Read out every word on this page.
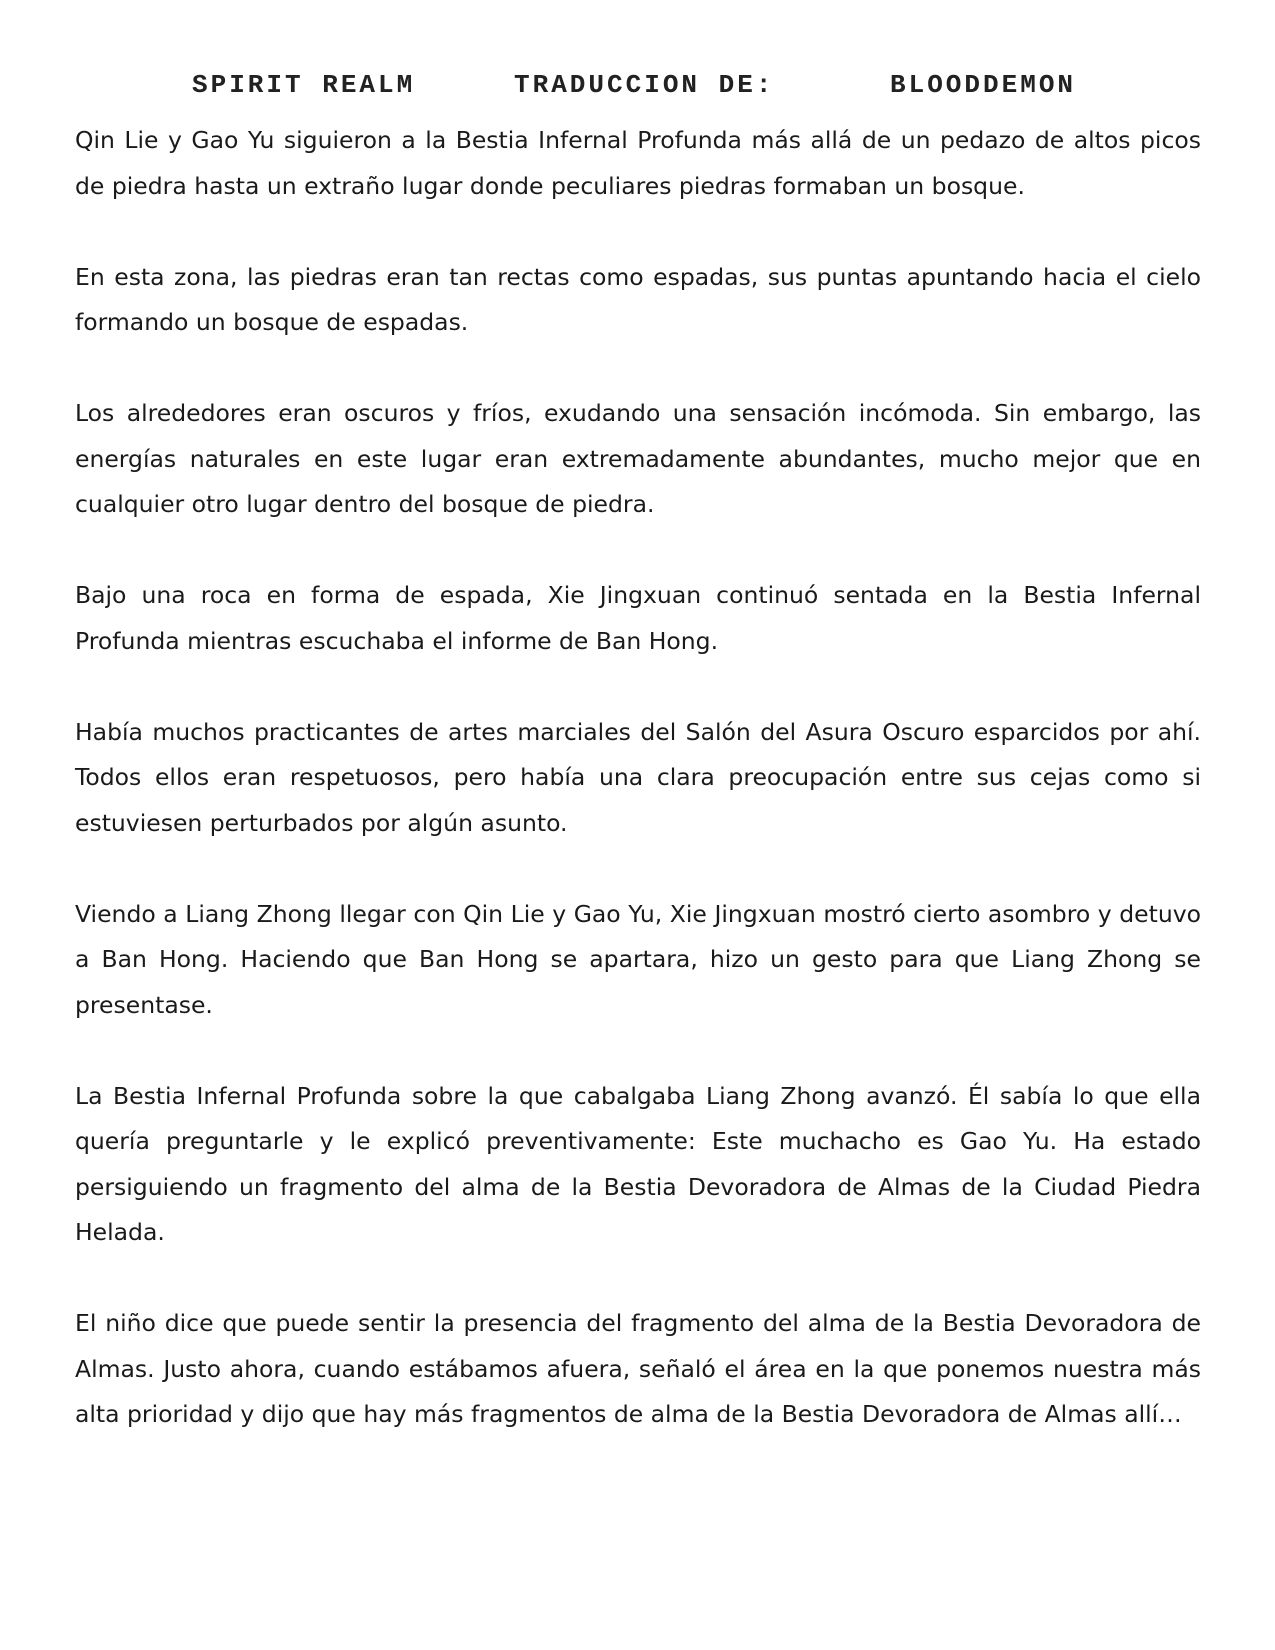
SPIRIT REALM	TRADUCCION DE:	BLOODDEMON

Qin Lie y Gao Yu siguieron a la Bestia Infernal Profunda más allá de un pedazo de altos picos de piedra hasta un extraño lugar donde peculiares piedras formaban un bosque.

En esta zona, las piedras eran tan rectas como espadas, sus puntas apuntando hacia el cielo formando un bosque de espadas.

Los alrededores eran oscuros y fríos, exudando una sensación incómoda. Sin embargo, las energías naturales en este lugar eran extremadamente abundantes, mucho mejor que en cualquier otro lugar dentro del bosque de piedra.

Bajo una roca en forma de espada, Xie Jingxuan continuó sentada en la Bestia Infernal Profunda mientras escuchaba el informe de Ban Hong.

Había muchos practicantes de artes marciales del Salón del Asura Oscuro esparcidos por ahí. Todos ellos eran respetuosos, pero había una clara preocupación entre sus cejas como si estuviesen perturbados por algún asunto.

Viendo a Liang Zhong llegar con Qin Lie y Gao Yu, Xie Jingxuan mostró cierto asombro y detuvo a Ban Hong. Haciendo que Ban Hong se apartara, hizo un gesto para que Liang Zhong se presentase.

La Bestia Infernal Profunda sobre la que cabalgaba Liang Zhong avanzó. Él sabía lo que ella quería preguntarle y le explicó preventivamente: Este muchacho es Gao Yu. Ha estado persiguiendo un fragmento del alma de la Bestia Devoradora de Almas de la Ciudad Piedra Helada.

El niño dice que puede sentir la presencia del fragmento del alma de la Bestia Devoradora de Almas. Justo ahora, cuando estábamos afuera, señaló el área en la que ponemos nuestra más alta prioridad y dijo que hay más fragmentos de alma de la Bestia Devoradora de Almas allí…
